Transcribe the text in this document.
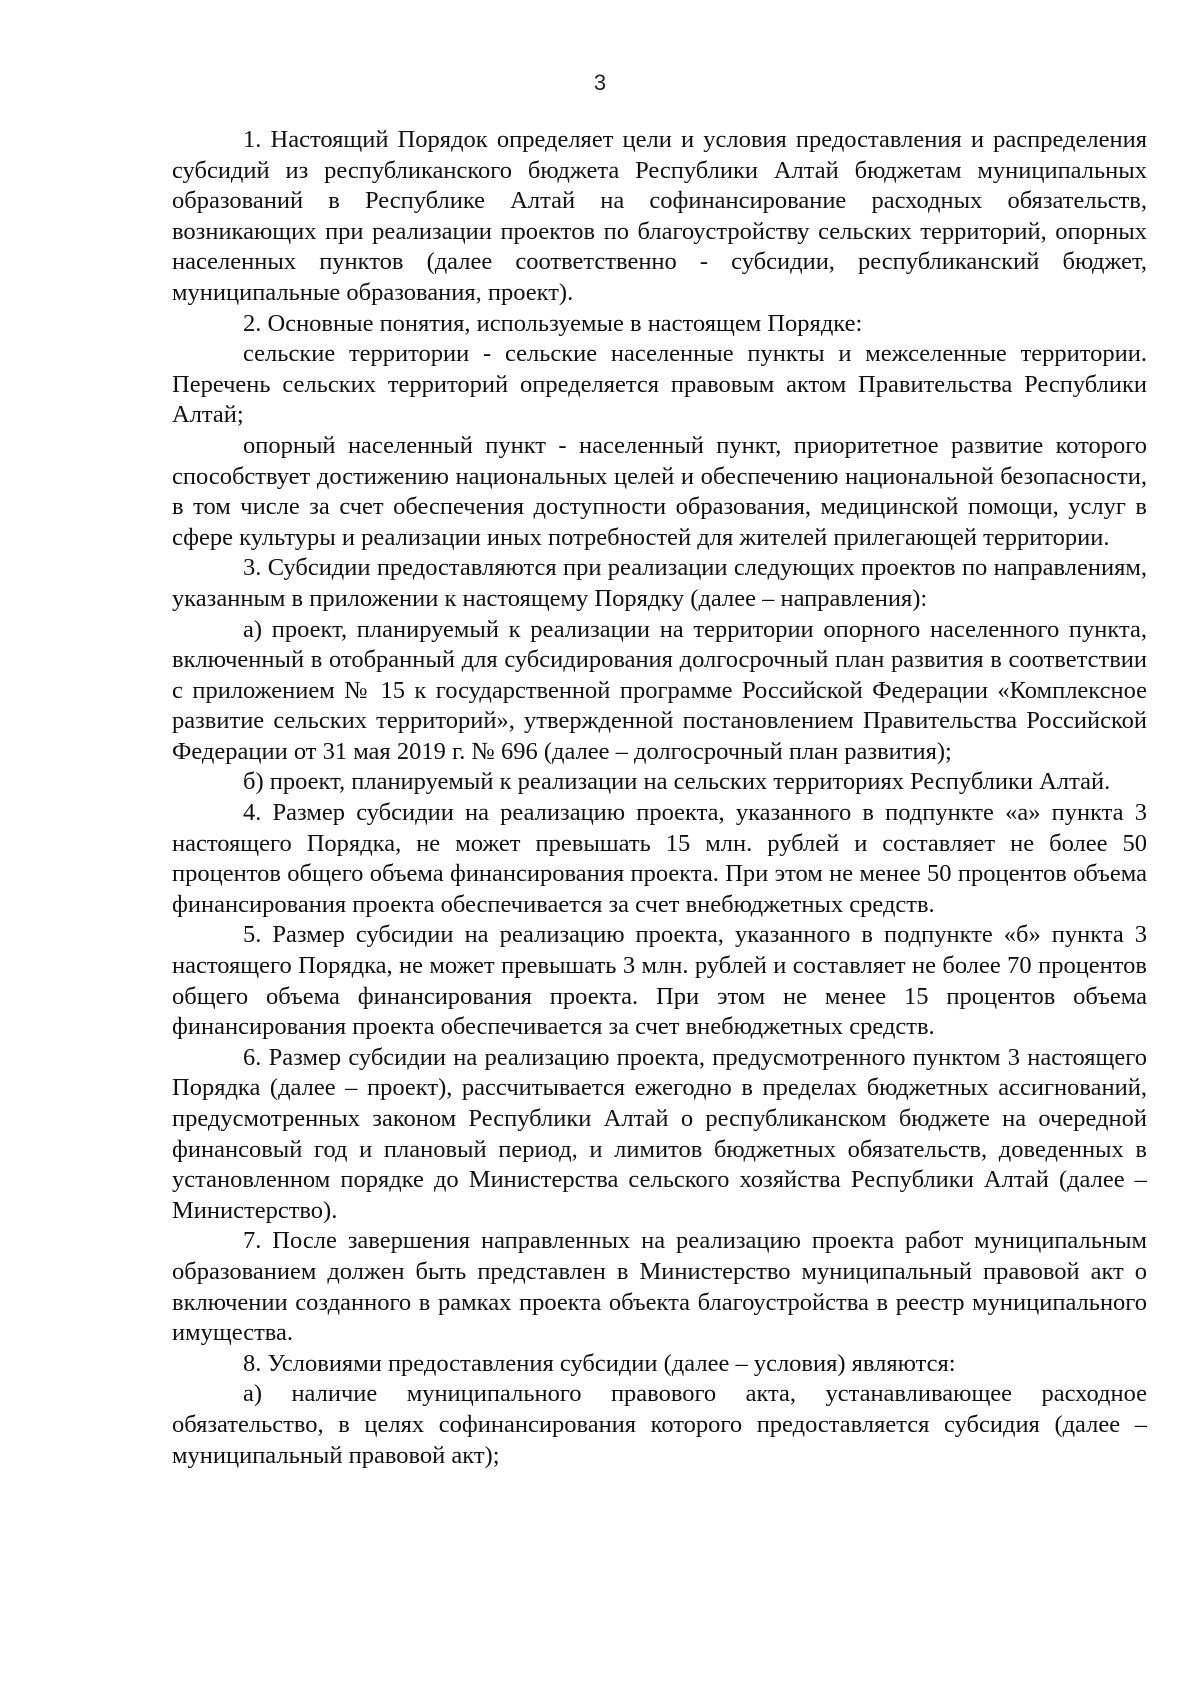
3

1. Настоящий Порядок определяет цели и условия предоставления и распределения субсидий из республиканского бюджета Республики Алтай бюджетам муниципальных образований в Республике Алтай на софинансирование расходных обязательств, возникающих при реализации проектов по благоустройству сельских территорий, опорных населенных пунктов (далее соответственно - субсидии, республиканский бюджет, муниципальные образования, проект).

2. Основные понятия, используемые в настоящем Порядке:

сельские территории - сельские населенные пункты и межселенные территории. Перечень сельских территорий определяется правовым актом Правительства Республики Алтай;

опорный населенный пункт - населенный пункт, приоритетное развитие которого способствует достижению национальных целей и обеспечению национальной безопасности, в том числе за счет обеспечения доступности образования, медицинской помощи, услуг в сфере культуры и реализации иных потребностей для жителей прилегающей территории.

3. Субсидии предоставляются при реализации следующих проектов по направлениям, указанным в приложении к настоящему Порядку (далее – направления):

а) проект, планируемый к реализации на территории опорного населенного пункта, включенный в отобранный для субсидирования долгосрочный план развития в соответствии с приложением № 15 к государственной программе Российской Федерации «Комплексное развитие сельских территорий», утвержденной постановлением Правительства Российской Федерации от 31 мая 2019 г. № 696 (далее – долгосрочный план развития);

б) проект, планируемый к реализации на сельских территориях Республики Алтай.

4. Размер субсидии на реализацию проекта, указанного в подпункте «а» пункта 3 настоящего Порядка, не может превышать 15 млн. рублей и составляет не более 50 процентов общего объема финансирования проекта. При этом не менее 50 процентов объема финансирования проекта обеспечивается за счет внебюджетных средств.

5. Размер субсидии на реализацию проекта, указанного в подпункте «б» пункта 3 настоящего Порядка, не может превышать 3 млн. рублей и составляет не более 70 процентов общего объема финансирования проекта. При этом не менее 15 процентов объема финансирования проекта обеспечивается за счет внебюджетных средств.

6. Размер субсидии на реализацию проекта, предусмотренного пунктом 3 настоящего Порядка (далее – проект), рассчитывается ежегодно в пределах бюджетных ассигнований, предусмотренных законом Республики Алтай о республиканском бюджете на очередной финансовый год и плановый период, и лимитов бюджетных обязательств, доведенных в установленном порядке до Министерства сельского хозяйства Республики Алтай (далее – Министерство).

7. После завершения направленных на реализацию проекта работ муниципальным образованием должен быть представлен в Министерство муниципальный правовой акт о включении созданного в рамках проекта объекта благоустройства в реестр муниципального имущества.

8. Условиями предоставления субсидии (далее – условия) являются:

а) наличие муниципального правового акта, устанавливающее расходное обязательство, в целях софинансирования которого предоставляется субсидия (далее – муниципальный правовой акт);
